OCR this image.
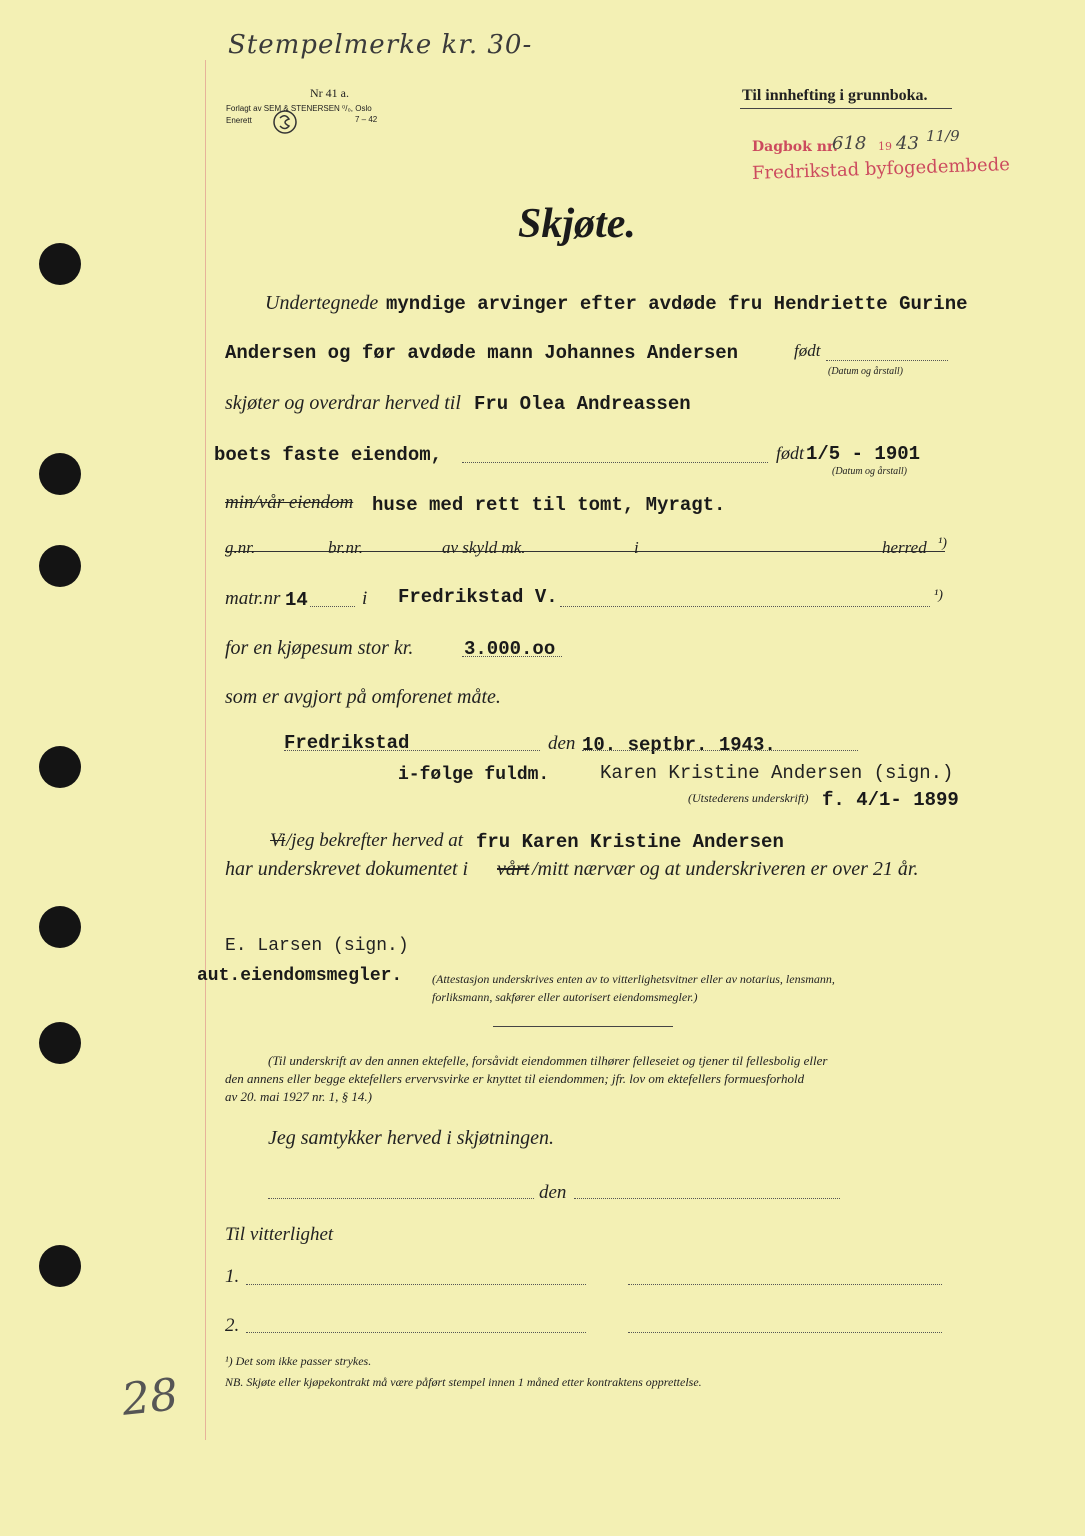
Stempelmerke kr. 30-
Nr 41 a.
Forlagt av SEM & STENERSEN ⁰/₀, Oslo
Enerett	7 – 42
Til innhefting i grunnboka.
Dagbok nr.
618 19 43 11/9
Fredrikstad byfogedembede
Skjøte.
Undertegnede myndige arvinger efter avdøde fru Hendriette Gurine
Andersen og før avdøde mann Johannes Andersen	født
(Datum og årstall)
skjøter og overdrar herved til Fru Olea Andreassen
boets faste eiendom,	født 1/5 - 1901
(Datum og årstall)
min/vår eiendom huse med rett til tomt, Myragt.
g.nr.	br.nr.	av skyld mk.	i	herred ¹)
matr.nr 14	i Fredrikstad V.	¹)
for en kjøpesum stor kr.	3.000.oo
som er avgjort på omforenet måte.
Fredrikstad	den 10. septbr. 1943.
i-følge fuldm.	Karen Kristine Andersen (sign.)
(Utstederens underskrift) f. 4/1- 1899
Vi /jeg bekrefter herved at fru Karen Kristine Andersen
har underskrevet dokumentet i vårt /mitt nærvær og at underskriveren er over 21 år.
E. Larsen (sign.)
aut.eiendomsmegler. (Attestasjon underskrives enten av to vitterlighetsvitner eller av notarius, lensmann,
forliksmann, sakfører eller autorisert eiendomsmegler.)
(Til underskrift av den annen ektefelle, forsåvidt eiendommen tilhører felleseiet og tjener til fellesbolig eller
den annens eller begge ektefellers ervervsvirke er knyttet til eiendommen; jfr. lov om ektefellers formuesforhold
av 20. mai 1927 nr. 1, § 14.)
Jeg samtykker herved i skjøtningen.
den
Til vitterlighet
1.
2.
¹) Det som ikke passer strykes.
NB. Skjøte eller kjøpekontrakt må være påført stempel innen 1 måned etter kontraktens opprettelse.
28
